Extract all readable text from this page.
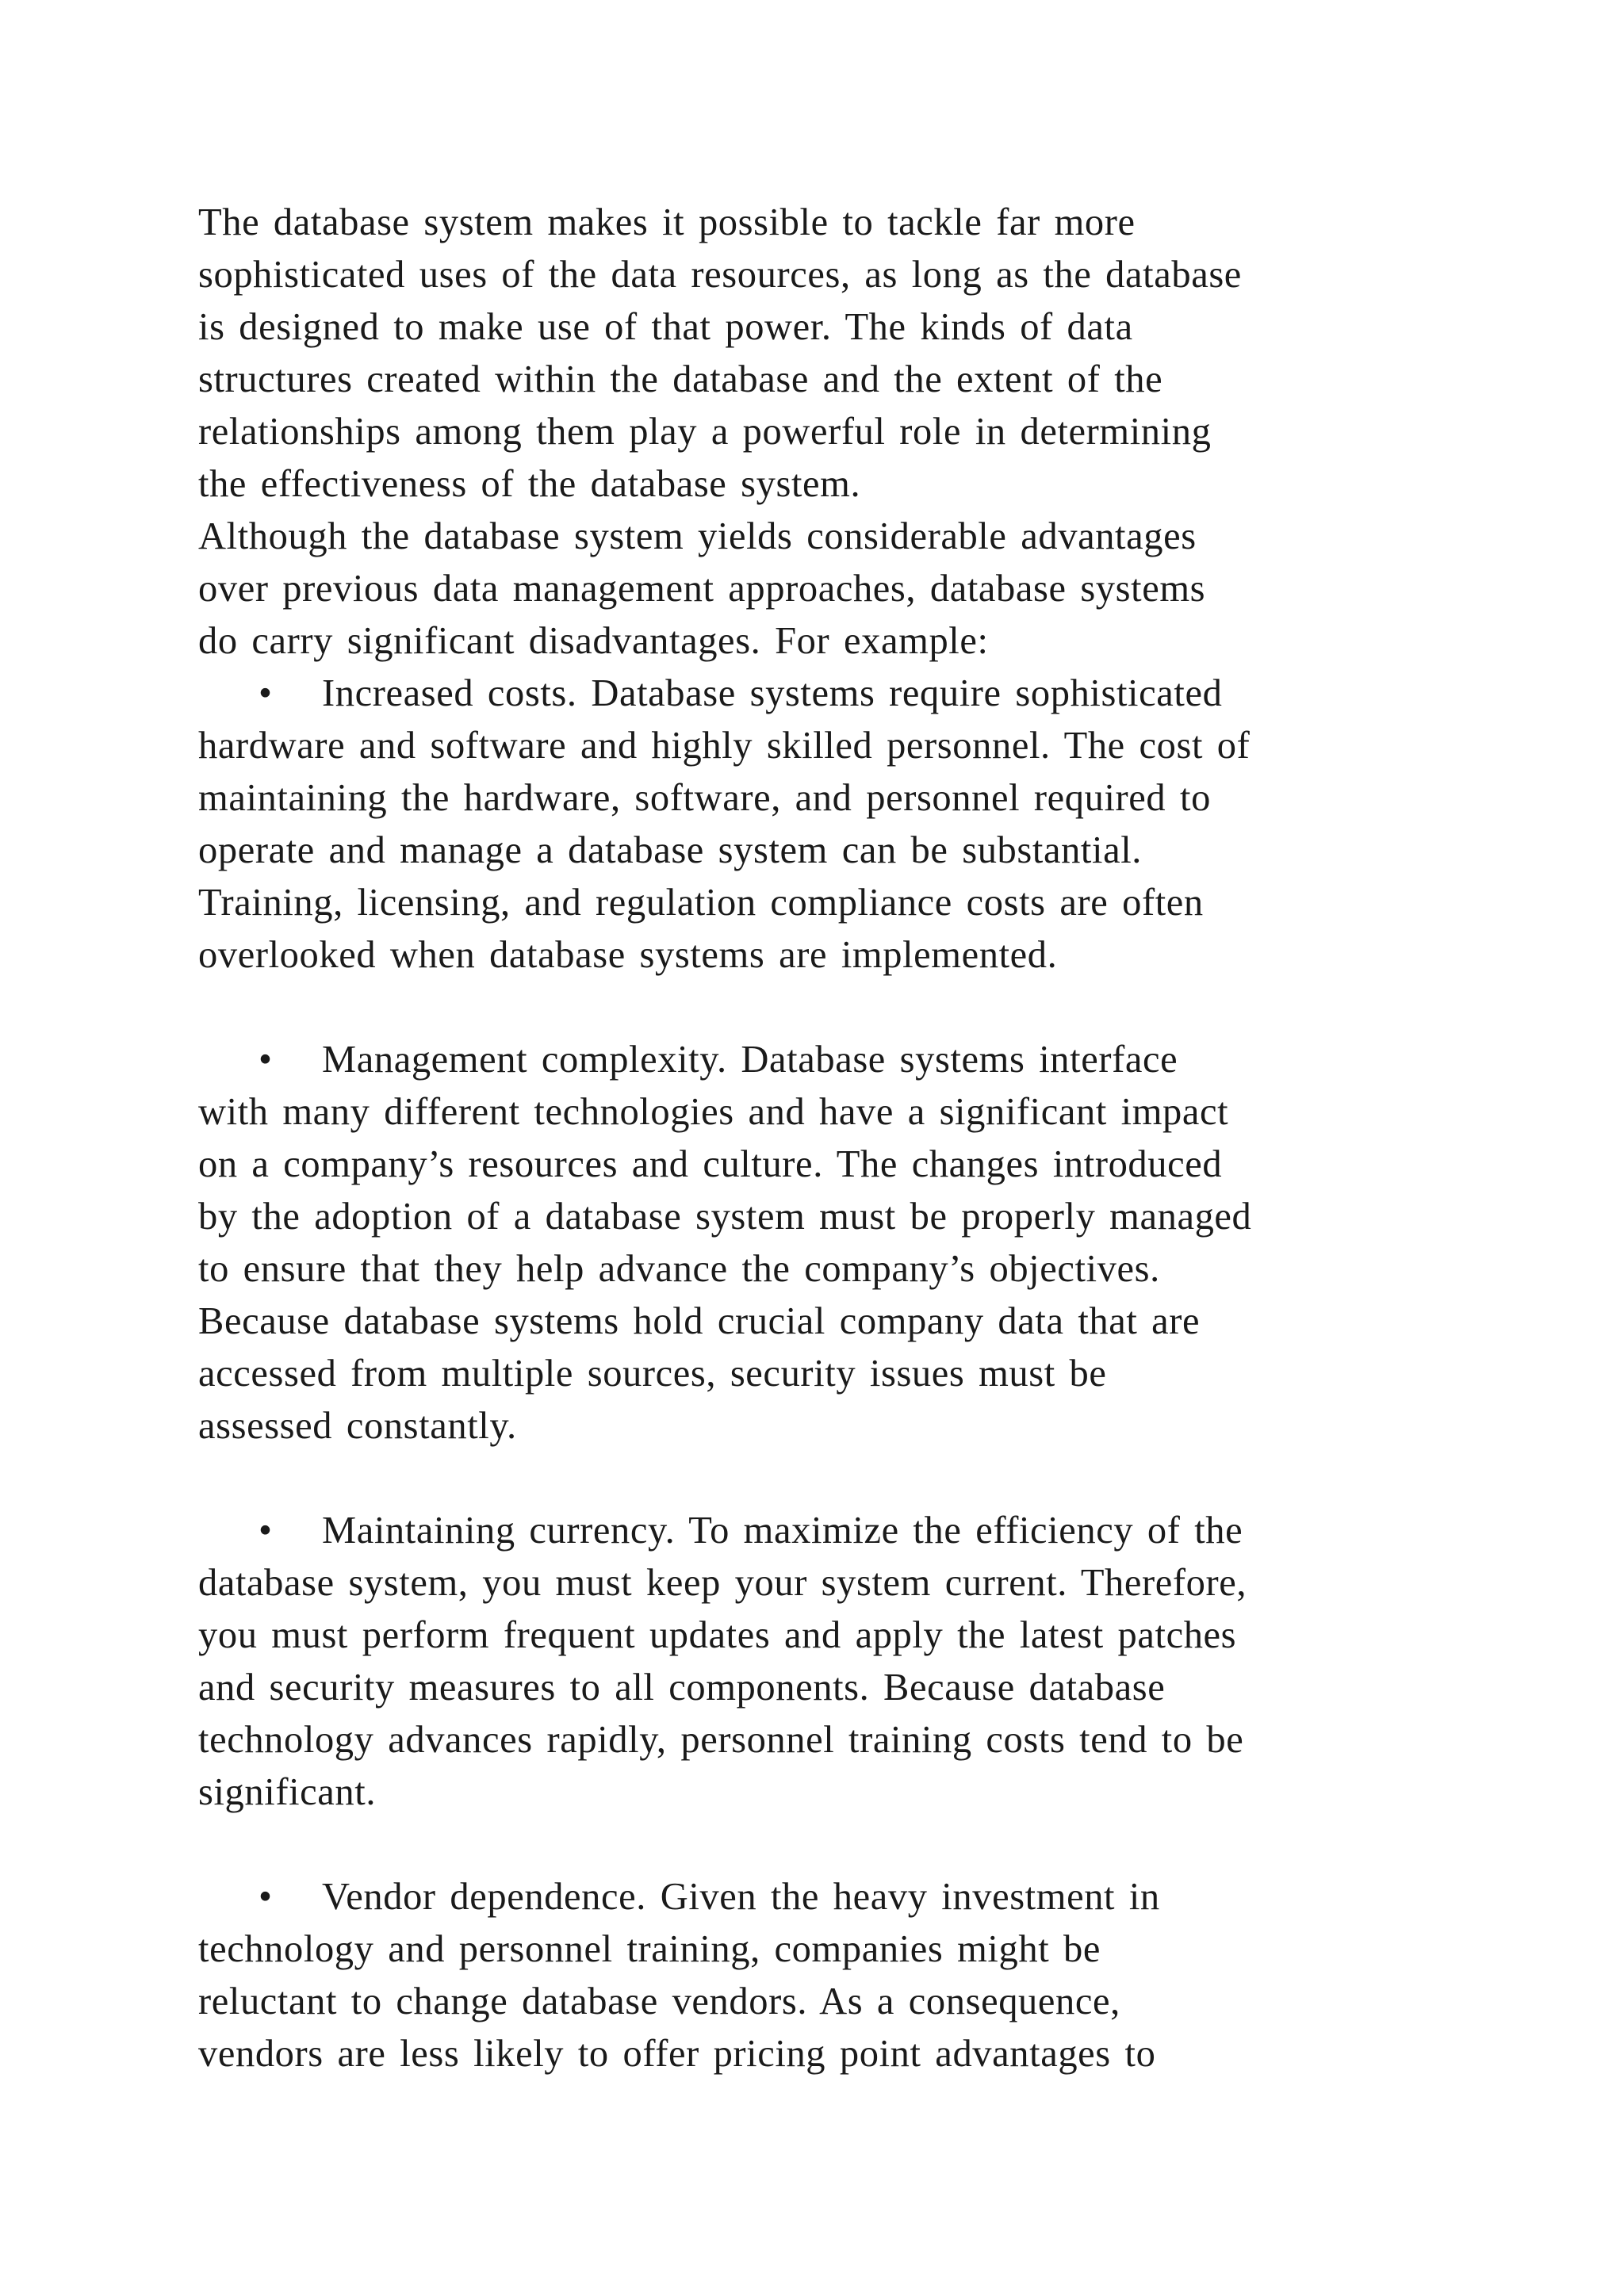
The database system makes it possible to tackle far more
sophisticated uses of the data resources, as long as the database
is designed to make use of that power. The kinds of data
structures created within the database and the extent of the
relationships among them play a powerful role in determining
the effectiveness of the database system.
Although the database system yields considerable advantages
over previous data management approaches, database systems
do carry significant disadvantages. For example:
• Increased costs. Database systems require sophisticated
hardware and software and highly skilled personnel. The cost of
maintaining the hardware, software, and personnel required to
operate and manage a database system can be substantial.
Training, licensing, and regulation compliance costs are often
overlooked when database systems are implemented.
• Management complexity. Database systems interface
with many different technologies and have a significant impact
on a company’s resources and culture. The changes introduced
by the adoption of a database system must be properly managed
to ensure that they help advance the company’s objectives.
Because database systems hold crucial company data that are
accessed from multiple sources, security issues must be
assessed constantly.
• Maintaining currency. To maximize the efficiency of the
database system, you must keep your system current. Therefore,
you must perform frequent updates and apply the latest patches
and security measures to all components. Because database
technology advances rapidly, personnel training costs tend to be
significant.
• Vendor dependence. Given the heavy investment in
technology and personnel training, companies might be
reluctant to change database vendors. As a consequence,
vendors are less likely to offer pricing point advantages to
